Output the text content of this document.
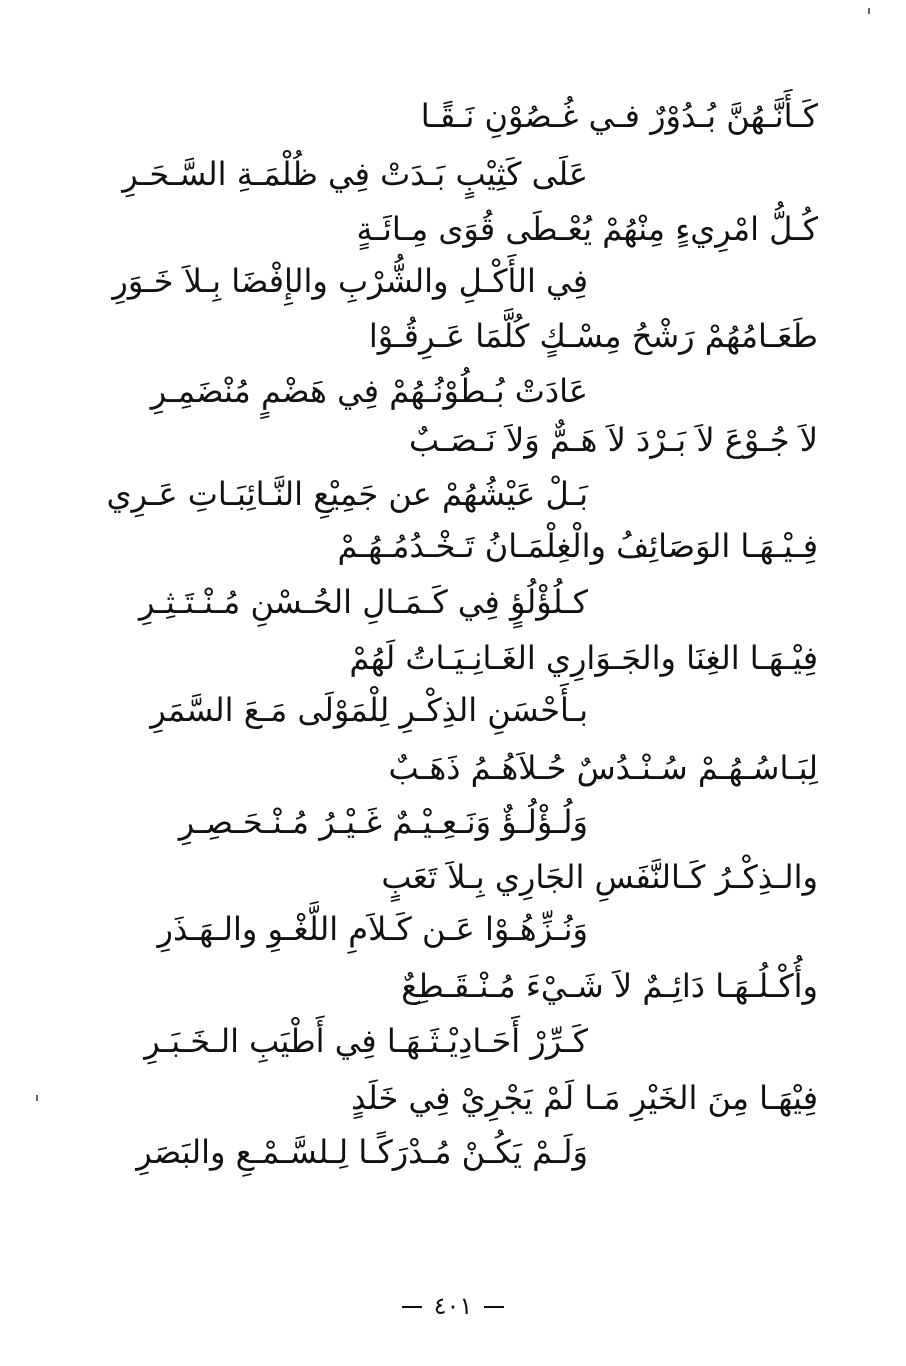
كَـأَنَّـهُنَّ بُـدُوْرٌ فـي غُـصُوْنِ نَـقًـا
عَلَى كَثِيْبٍ بَـدَتْ فِي ظُلْمَـةِ السَّـحَـرِ
كُـلُّ امْرِيءٍ مِنْهُمْ يُعْـطَى قُوَى مِـائَـةٍ
فِي الأَكْـلِ والشُّرْبِ والإِفْضَا بِـلاَ خَـوَرِ
طَعَـامُهُمْ رَشْحُ مِسْـكٍ كُلَّمَا عَـرِقُـوْا
عَادَتْ بُـطُوْنُـهُمْ فِي هَضْمٍ مُنْضَمِـرِ
لاَ جُـوْعَ لاَ بَـرْدَ لاَ هَـمٌّ وَلاَ نَـصَـبٌ
بَـلْ عَيْشُهُمْ عن جَمِيْعِ النَّـائِبَـاتِ عَـرِي
فِـيْـهَـا الوَصَائِفُ والْغِلْمَـانُ تَـخْـدُمُـهُـمْ
كـلُؤْلُؤٍ فِي كَـمَـالِ الحُـسْنِ مُـنْـتَـثِـرِ
فِيْـهَـا الغِنَا والجَـوَارِي الغَـانِـيَـاتُ لَهُمْ
بـأَحْسَنِ الذِكْـرِ لِلْمَوْلَى مَـعَ السَّمَرِ
لِبَـاسُـهُـمْ سُـنْـدُسٌ حُـلاَهُـمُ ذَهَـبٌ
وَلُـؤْلُـؤٌ وَنَـعِـيْـمٌ غَـيْـرُ مُـنْـحَـصِـرِ
والـذِكْـرُ كَـالنَّفَسِ الجَارِي بِـلاَ تَعَبٍ
وَنُـزِّهُـوْا عَـن كَـلاَمِ اللَّغْـوِ والـهَـذَرِ
وأُكْـلُـهَـا دَائِـمٌ لاَ شَـيْءَ مُـنْـقَـطِعٌ
كَـرِّرْ أَحَـادِيْـثَـهَـا فِي أَطْيَبِ الـخَـبَـرِ
فِيْهَـا مِنَ الخَيْرِ مَـا لَمْ يَجْرِيْ فِي خَلَدٍ
وَلَـمْ يَكُـنْ مُـدْرَكًـا لِـلسَّـمْـعِ والبَصَرِ
٤٠١
